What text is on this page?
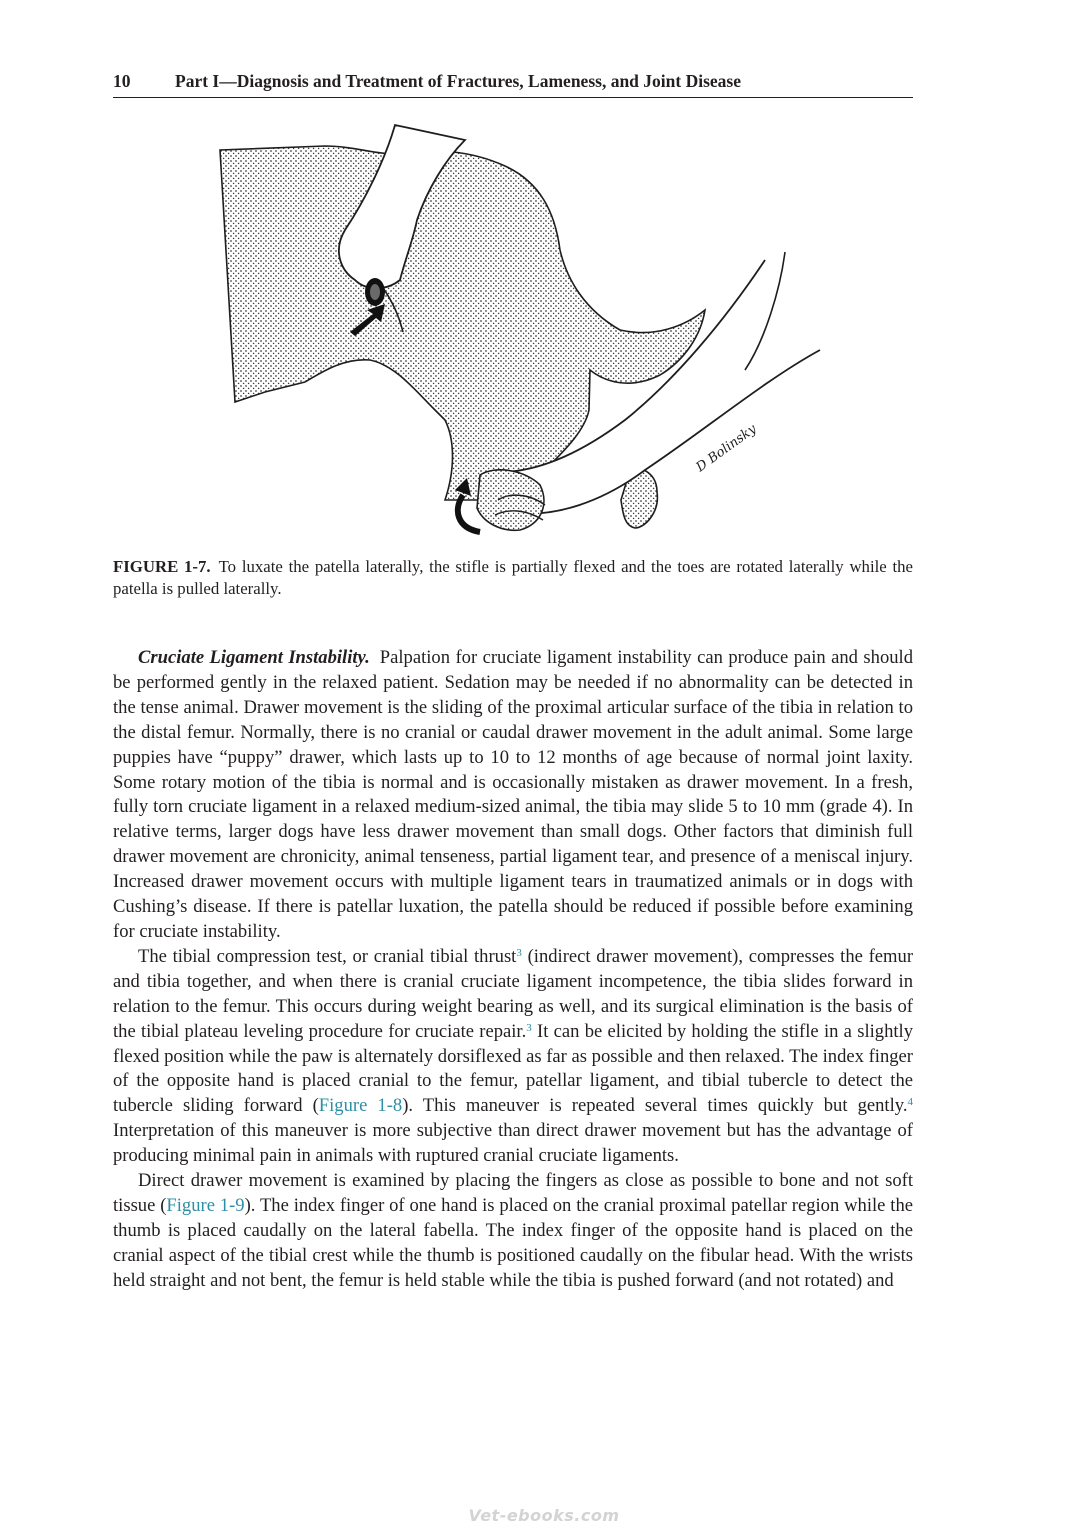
10	Part I—Diagnosis and Treatment of Fractures, Lameness, and Joint Disease
D Bolinsky
FIGURE 1-7. To luxate the patella laterally, the stifle is partially flexed and the toes are rotated laterally while the patella is pulled laterally.

Cruciate Ligament Instability. Palpation for cruciate ligament instability can produce pain and should be performed gently in the relaxed patient. Sedation may be needed if no abnormality can be detected in the tense animal. Drawer movement is the sliding of the proximal articular surface of the tibia in relation to the distal femur. Normally, there is no cranial or caudal drawer movement in the adult animal. Some large puppies have “puppy” drawer, which lasts up to 10 to 12 months of age because of normal joint laxity. Some rotary motion of the tibia is normal and is occasionally mistaken as drawer movement. In a fresh, fully torn cruciate ligament in a relaxed medium-sized animal, the tibia may slide 5 to 10 mm (grade 4). In relative terms, larger dogs have less drawer movement than small dogs. Other factors that diminish full drawer movement are chronicity, animal tenseness, partial ligament tear, and presence of a meniscal injury. Increased drawer movement occurs with multiple ligament tears in traumatized animals or in dogs with Cushing’s disease. If there is patellar luxation, the patella should be reduced if possible before examining for cruciate instability.

The tibial compression test, or cranial tibial thrust$^3$ (indirect drawer movement), compresses the femur and tibia together, and when there is cranial cruciate ligament incompetence, the tibia slides forward in relation to the femur. This occurs during weight bearing as well, and its surgical elimination is the basis of the tibial plateau leveling procedure for cruciate repair.$^3$ It can be elicited by holding the stifle in a slightly flexed position while the paw is alternately dorsiflexed as far as possible and then relaxed. The index finger of the opposite hand is placed cranial to the femur, patellar ligament, and tibial tubercle to detect the tubercle sliding forward (Figure 1-8). This maneuver is repeated several times quickly but gently.$^4$ Interpretation of this maneuver is more subjective than direct drawer movement but has the advantage of producing minimal pain in animals with ruptured cranial cruciate ligaments.

Direct drawer movement is examined by placing the fingers as close as possible to bone and not soft tissue (Figure 1-9). The index finger of one hand is placed on the cranial proximal patellar region while the thumb is placed caudally on the lateral fabella. The index finger of the opposite hand is placed on the cranial aspect of the tibial crest while the thumb is positioned caudally on the fibular head. With the wrists held straight and not bent, the femur is held stable while the tibia is pushed forward (and not rotated) and

Vet-ebooks.com
